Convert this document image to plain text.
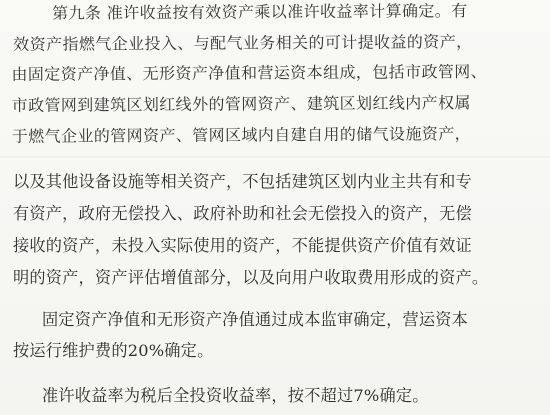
第九条 准许收益按有效资产乘以准许收益率计算确定。有
效资产指燃气企业投入、与配气业务相关的可计提收益的资产，
由固定资产净值、无形资产净值和营运资本组成，包括市政管网、
市政管网到建筑区划红线外的管网资产、建筑区划红线内产权属
于燃气企业的管网资产、管网区域内自建自用的储气设施资产，
以及其他设备设施等相关资产，不包括建筑区划内业主共有和专
有资产，政府无偿投入、政府补助和社会无偿投入的资产，无偿
接收的资产，未投入实际使用的资产，不能提供资产价值有效证
明的资产，资产评估增值部分，以及向用户收取费用形成的资产。
固定资产净值和无形资产净值通过成本监审确定，营运资本
按运行维护费的20%确定。
准许收益率为税后全投资收益率，按不超过7%确定。
